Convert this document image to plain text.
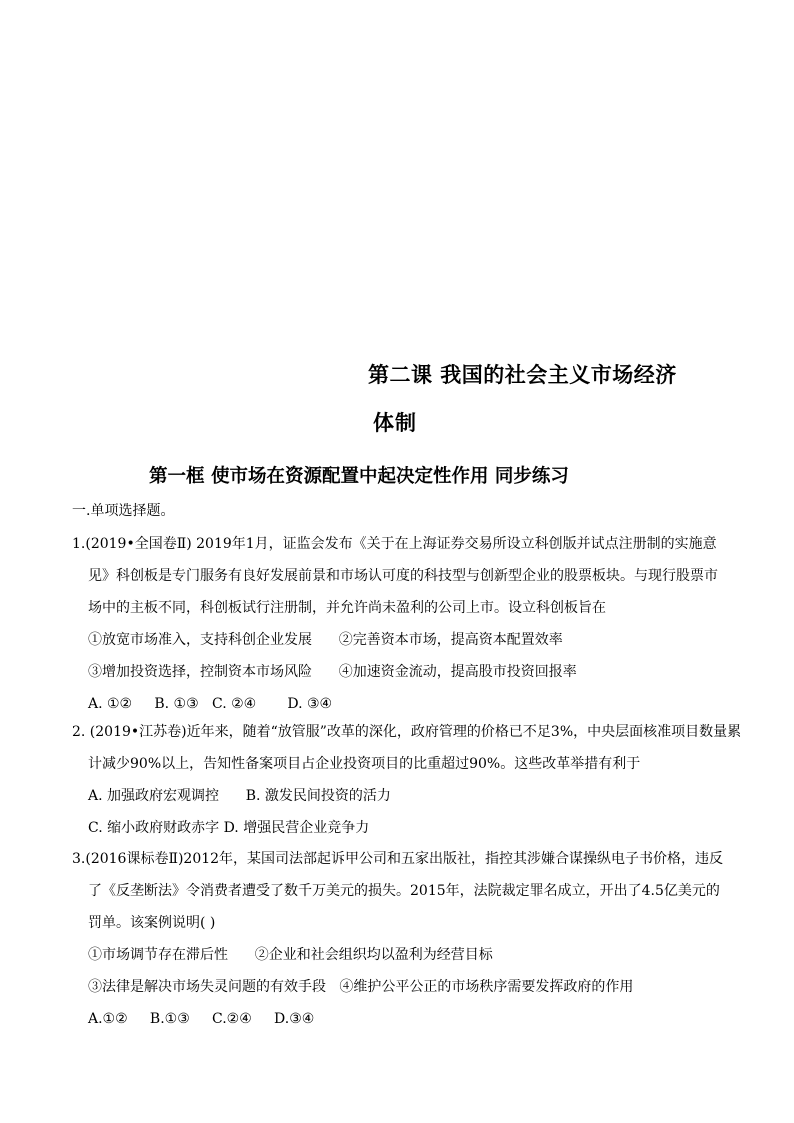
第二课 我国的社会主义市场经济
体制
第一框 使市场在资源配置中起决定性作用 同步练习
一.单项选择题。
1.(2019•全国卷Ⅱ) 2019年1月，证监会发布《关于在上海证券交易所设立科创版并试点注册制的实施意
见》科创板是专门服务有良好发展前景和市场认可度的科技型与创新型企业的股票板块。与现行股票市
场中的主板不同，科创板试行注册制，并允许尚未盈利的公司上市。设立科创板旨在
①放宽市场准入，支持科创企业发展      ②完善资本市场，提高资本配置效率
③增加投资选择，控制资本市场风险      ④加速资金流动，提高股市投资回报率
A. ①②     B. ①③   C. ②④       D. ③④
2. (2019•江苏卷)近年来，随着“放管服”改革的深化，政府管理的价格已不足3%，中央层面核准项目数量累
计减少90%以上，告知性备案项目占企业投资项目的比重超过90%。这些改革举措有利于
A. 加强政府宏观调控      B. 激发民间投资的活力
C. 缩小政府财政赤字 D. 增强民营企业竞争力
3.(2016课标卷Ⅱ)2012年，某国司法部起诉甲公司和五家出版社，指控其涉嫌合谋操纵电子书价格，违反
了《反垄断法》令消费者遭受了数千万美元的损失。2015年，法院裁定罪名成立，开出了4.5亿美元的
罚单。该案例说明( )
①市场调节存在滞后性      ②企业和社会组织均以盈利为经营目标
③法律是解决市场失灵问题的有效手段   ④维护公平公正的市场秩序需要发挥政府的作用
A.①②     B.①③     C.②④     D.③④
